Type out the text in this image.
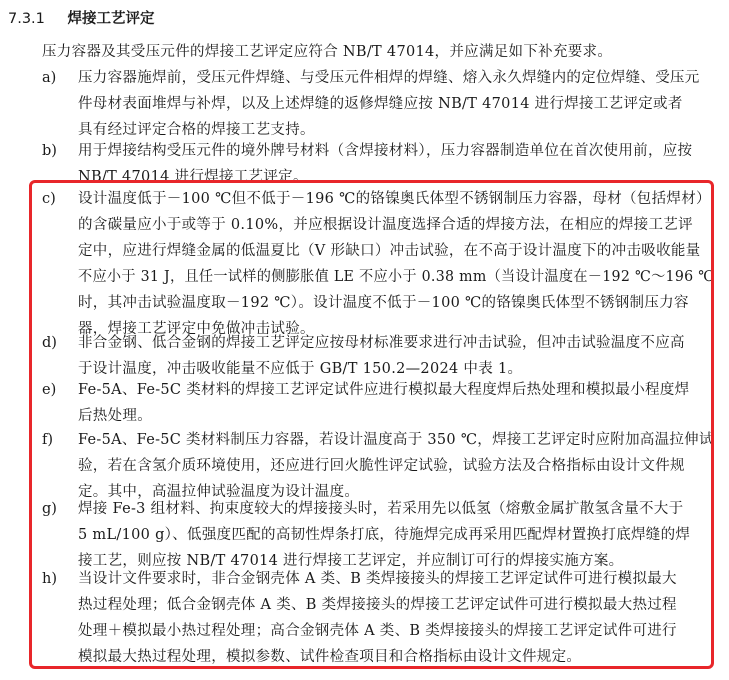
7.3.1 焊接工艺评定
压力容器及其受压元件的焊接工艺评定应符合 NB/T 47014，并应满足如下补充要求。
a) 压力容器施焊前，受压元件焊缝、与受压元件相焊的焊缝、熔入永久焊缝内的定位焊缝、受压元
件母材表面堆焊与补焊，以及上述焊缝的返修焊缝应按 NB/T 47014 进行焊接工艺评定或者
具有经过评定合格的焊接工艺支持。
b) 用于焊接结构受压元件的境外牌号材料（含焊接材料），压力容器制造单位在首次使用前，应按
NB/T 47014 进行焊接工艺评定。
c) 设计温度低于－100 ℃但不低于－196 ℃的铬镍奥氏体型不锈钢制压力容器，母材（包括焊材）
的含碳量应小于或等于 0.10%，并应根据设计温度选择合适的焊接方法，在相应的焊接工艺评
定中，应进行焊缝金属的低温夏比（V 形缺口）冲击试验，在不高于设计温度下的冲击吸收能量
不应小于 31 J，且任一试样的侧膨胀值 LE 不应小于 0.38 mm（当设计温度在－192 ℃～196 ℃
时，其冲击试验温度取－192 ℃）。设计温度不低于－100 ℃的铬镍奥氏体型不锈钢制压力容
器，焊接工艺评定中免做冲击试验。
d) 非合金钢、低合金钢的焊接工艺评定应按母材标准要求进行冲击试验，但冲击试验温度不应高
于设计温度，冲击吸收能量不应低于 GB/T 150.2—2024 中表 1。
e) Fe-5A、Fe-5C 类材料的焊接工艺评定试件应进行模拟最大程度焊后热处理和模拟最小程度焊
后热处理。
f) Fe-5A、Fe-5C 类材料制压力容器，若设计温度高于 350 ℃，焊接工艺评定时应附加高温拉伸试
验，若在含氢介质环境使用，还应进行回火脆性评定试验，试验方法及合格指标由设计文件规
定。其中，高温拉伸试验温度为设计温度。
g) 焊接 Fe-3 组材料、拘束度较大的焊接接头时，若采用先以低氢（熔敷金属扩散氢含量不大于
5 mL/100 g）、低强度匹配的高韧性焊条打底，待施焊完成再采用匹配焊材置换打底焊缝的焊
接工艺，则应按 NB/T 47014 进行焊接工艺评定，并应制订可行的焊接实施方案。
h) 当设计文件要求时，非合金钢壳体 A 类、B 类焊接接头的焊接工艺评定试件可进行模拟最大
热过程处理；低合金钢壳体 A 类、B 类焊接接头的焊接工艺评定试件可进行模拟最大热过程
处理＋模拟最小热过程处理；高合金钢壳体 A 类、B 类焊接接头的焊接工艺评定试件可进行
模拟最大热过程处理，模拟参数、试件检查项目和合格指标由设计文件规定。
